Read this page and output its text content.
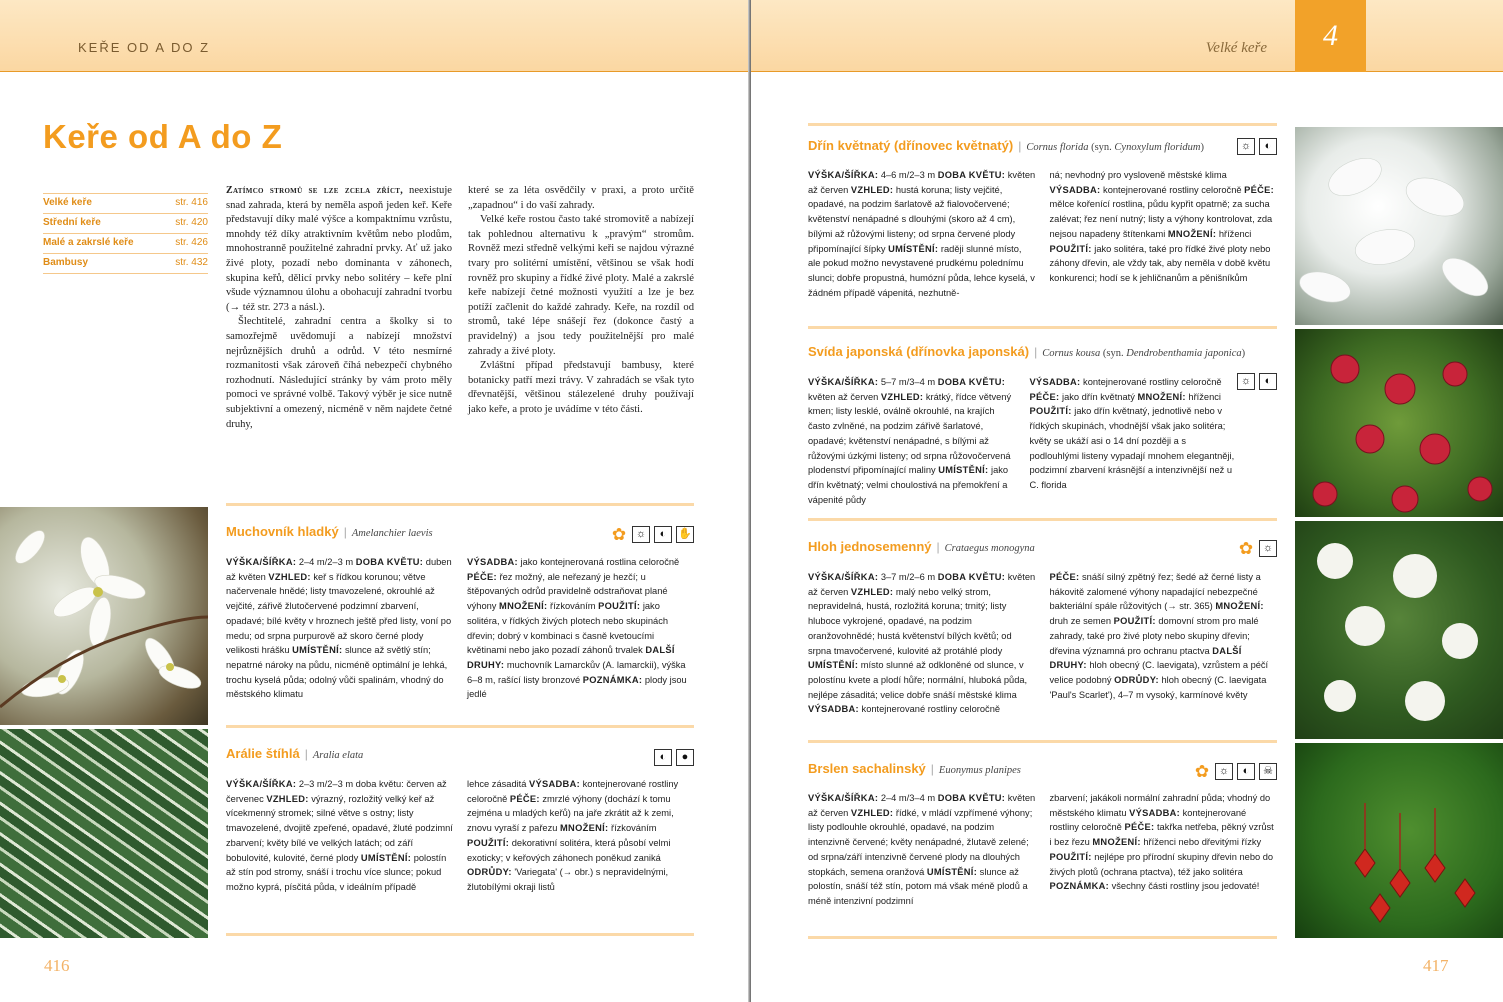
KEŘE OD A DO Z
Keře od A do Z
Velké keře	str. 416
Střední keře	str. 420
Malé a zakrslé keře	str. 426
Bambusy	str. 432

Zatímco stromů se lze zcela zříct, neexistuje snad zahrada, která by neměla aspoň jeden keř. Keře představují díky malé výšce a kompaktnímu vzrůstu, mnohdy též díky atraktivním květům nebo plodům, mnohostranně použitelné zahradní prvky. Ať už jako živé ploty, pozadí nebo dominanta v záhonech, skupina keřů, dělicí prvky nebo solitéry – keře plní všude významnou úlohu a obohacují zahradní tvorbu (→ též str. 273 a násl.).

Šlechtitelé, zahradní centra a školky si to samozřejmě uvědomují a nabízejí množství nejrůznějších druhů a odrůd. V této nesmírné rozmanitosti však zároveň číhá nebezpečí chybného rozhodnutí. Následující stránky by vám proto měly pomoci ve správné volbě. Takový výběr je sice nutně subjektivní a omezený, nicméně v něm najdete četné druhy,

které se za léta osvědčily v praxi, a proto určitě „zapadnou“ i do vaší zahrady.

Velké keře rostou často také stromovitě a nabízejí tak pohlednou alternativu k „pravým“ stromům. Rovněž mezi středně velkými keři se najdou výrazné tvary pro solitérní umístění, většinou se však hodí rovněž pro skupiny a řídké živé ploty. Malé a zakrslé keře nabízejí četné možnosti využití a lze je bez potíží začlenit do každé zahrady. Keře, na rozdíl od stromů, také lépe snášejí řez (dokonce častý a pravidelný) a jsou tedy použitelnější pro malé zahrady a živé ploty.

Zvláštní případ představují bambusy, které botanicky patří mezi trávy. V zahradách se však tyto dřevnatější, většinou stálezelené druhy používají jako keře, a proto je uvádíme v této části.

Muchovník hladký | Amelanchier laevis	✿ ☼	◐	✋
VÝŠKA/ŠÍŘKA: 2–4 m/2–3 m DOBA KVĚTU: duben až květen VZHLED: keř s řídkou korunou; větve načervenale hnědé; listy tmavozelené, okrouhlé až vejčité, zářivě žlutočervené podzimní zbarvení, opadavé; bílé květy v hroznech ještě před listy, voní po medu; od srpna purpurově až skoro černé plody velikosti hrášku UMÍSTĚNÍ: slunce až světlý stín; nepatrné nároky na půdu, nicméně optimální je lehká, trochu kyselá půda; odolný vůči spalinám, vhodný do městského klimatu
VÝSADBA: jako kontejnerovaná rostlina celoročně PÉČE: řez možný, ale neřezaný je hezčí; u štěpovaných odrůd pravidelně odstraňovat plané výhony MNOŽENÍ: řízkováním POUŽITÍ: jako solitéra, v řídkých živých plotech nebo skupinách dřevin; dobrý v kombinaci s časně kvetoucími květinami nebo jako pozadí záhonů trvalek DALŠÍ DRUHY: muchovník Lamarckův (A. lamarckii), výška 6–8 m, rašící listy bronzové POZNÁMKA: plody jsou jedlé
Arálie štíhlá | Aralia elata	◐	●
VÝŠKA/ŠÍŘKA: 2–3 m/2–3 m doba květu: červen až červenec VZHLED: výrazný, rozložitý velký keř až vícekmenný stromek; silné větve s ostny; listy tmavozelené, dvojitě zpeřené, opadavé, žluté podzimní zbarvení; květy bílé ve velkých latách; od září bobulovité, kulovité, černé plody UMÍSTĚNÍ: polostín až stín pod stromy, snáší i trochu více slunce; pokud možno kyprá, písčitá půda, v ideálním případě
lehce zásaditá VÝSADBA: kontejnerované rostliny celoročně PÉČE: zmrzlé výhony (dochází k tomu zejména u mladých keřů) na jaře zkrátit až k zemi, znovu vyraší z pařezu MNOŽENÍ: řízkováním POUŽITÍ: dekorativní solitéra, která působí velmi exoticky; v keřových záhonech poněkud zaniká ODRŮDY: 'Variegata' (→ obr.) s nepravidelnými, žlutobílými okraji listů
416
Velké keře	4
Dřín květnatý (dřínovec květnatý) | Cornus florida (syn. Cynoxylum floridum)	☼	◐
VÝŠKA/ŠÍŘKA: 4–6 m/2–3 m DOBA KVĚTU: květen až červen VZHLED: hustá koruna; listy vejčité, opadavé, na podzim šarlatově až fialovočervené; květenství nenápadné s dlouhými (skoro až 4 cm), bílými až růžovými listeny; od srpna červené plody připomínající šípky UMÍSTĚNÍ: raději slunné místo, ale pokud možno nevystavené prudkému polednímu slunci; dobře propustná, humózní půda, lehce kyselá, v žádném případě vápenitá, nezhutně-
ná; nevhodný pro vysloveně městské klima VÝSADBA: kontejnerované rostliny celoročně PÉČE: mělce kořenící rostlina, půdu kypřit opatrně; za sucha zalévat; řez není nutný; listy a výhony kontrolovat, zda nejsou napadeny štítenkami MNOŽENÍ: hříženci POUŽITÍ: jako solitéra, také pro řídké živé ploty nebo záhony dřevin, ale vždy tak, aby neměla v době květu konkurenci; hodí se k jehličnanům a pěnišníkům
Svída japonská (dřínovka japonská) | Cornus kousa (syn. Dendrobenthamia japonica)
☼	◐
VÝŠKA/ŠÍŘKA: 5–7 m/3–4 m DOBA KVĚTU: květen až červen VZHLED: krátký, řídce větvený kmen; listy lesklé, oválně okrouhlé, na krajích často zvlněné, na podzim zářivě šarlatové, opadavé; květenství nenápadné, s bílými až růžovými úzkými listeny; od srpna růžovočervená plodenství připomínající maliny UMÍSTĚNÍ: jako dřín květnatý; velmi choulostivá na přemokření a vápenité půdy
VÝSADBA: kontejnerované rostliny celoročně PÉČE: jako dřín květnatý MNOŽENÍ: hříženci POUŽITÍ: jako dřín květnatý, jednotlivě nebo v řídkých skupinách, vhodnější však jako solitéra; květy se ukáží asi o 14 dní později a s podlouhlými listeny vypadají mnohem elegantněji, podzimní zbarvení krásnější a intenzivnější než u C. florida
Hloh jednosemenný | Crataegus monogyna	✿ ☼
VÝŠKA/ŠÍŘKA: 3–7 m/2–6 m DOBA KVĚTU: květen až červen VZHLED: malý nebo velký strom, nepravidelná, hustá, rozložitá koruna; trnitý; listy hluboce vykrojené, opadavé, na podzim oranžovohnědé; hustá květenství bílých květů; od srpna tmavočervené, kulovité až protáhlé plody UMÍSTĚNÍ: místo slunné až odkloněné od slunce, v polostínu kvete a plodí hůře; normální, hluboká půda, nejlépe zásaditá; velice dobře snáší městské klima VÝSADBA: kontejnerované rostliny celoročně
PÉČE: snáší silný zpětný řez; šedé až černé listy a hákovitě zalomené výhony napadající nebezpečné bakteriální spále růžovitých (→ str. 365) MNOŽENÍ: druh ze semen POUŽITÍ: domovní strom pro malé zahrady, také pro živé ploty nebo skupiny dřevin; dřevina významná pro ochranu ptactva DALŠÍ DRUHY: hloh obecný (C. laevigata), vzrůstem a péčí velice podobný ODRŮDY: hloh obecný (C. laevigata 'Paul's Scarlet'), 4–7 m vysoký, karmínové květy
Brslen sachalinský | Euonymus planipes	✿ ☼	◐	☠
VÝŠKA/ŠÍŘKA: 2–4 m/3–4 m DOBA KVĚTU: květen až červen VZHLED: řídké, v mládí vzpřímené výhony; listy podlouhle okrouhlé, opadavé, na podzim intenzivně červené; květy nenápadné, žlutavě zelené; od srpna/září intenzivně červené plody na dlouhých stopkách, semena oranžová UMÍSTĚNÍ: slunce až polostín, snáší též stín, potom má však méně plodů a méně intenzivní podzimní
zbarvení; jakákoli normální zahradní půda; vhodný do městského klimatu VÝSADBA: kontejnerované rostliny celoročně PÉČE: takřka netřeba, pěkný vzrůst i bez řezu MNOŽENÍ: hříženci nebo dřevitými řízky POUŽITÍ: nejlépe pro přírodní skupiny dřevin nebo do živých plotů (ochrana ptactva), též jako solitéra POZNÁMKA: všechny části rostliny jsou jedovaté!
417
